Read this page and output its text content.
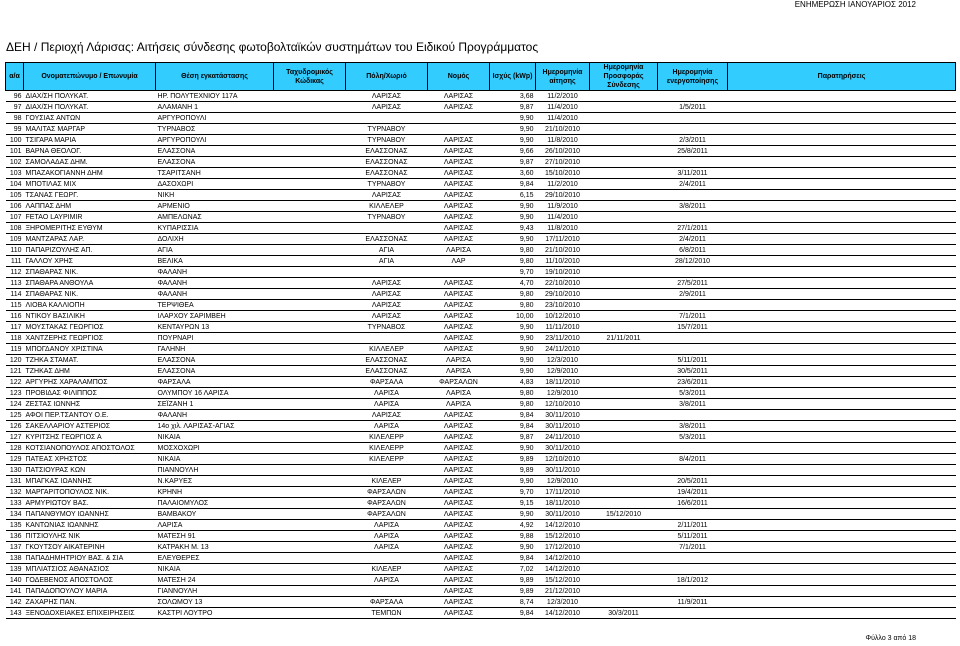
ΕΝΗΜΕΡΩΣΗ ΙΑΝΟΥΑΡΙΟΣ 2012
ΔΕΗ / Περιοχή Λάρισας: Αιτήσεις σύνδεσης φωτοβολταϊκών συστημάτων του Ειδικού Προγράμματος
α/α	Ονοματεπώνυμο / Επωνυμία	Θέση εγκατάστασης	Ταχυδρομικός Κώδικας	Πόλη/Χωριό	Νομός	Ισχύς (kWp)	Ημερομηνία αίτησης	Ημερομηνία Προσφοράς Σύνδεσης	Ημερομηνία ενεργοποίησης	Παρατηρήσεις
96	ΔΙΑΧ/ΣΗ ΠΟΛΥΚΑΤ.	ΗΡ. ΠΟΛΥΤΕΧΝΙΟΥ 117Α		ΛΑΡΙΣΑΣ	ΛΑΡΙΣΑΣ	3,68	11/2/2010			
97	ΔΙΑΧ/ΣΗ ΠΟΛΥΚΑΤ.	ΑΛΑΜΑΝΗ 1		ΛΑΡΙΣΑΣ	ΛΑΡΙΣΑΣ	9,87	11/4/2010		1/5/2011	
98	ΓΟΥΣΙΑΣ ΑΝΤΩΝ	ΑΡΓΥΡΟΠΟΥΛΙ				9,90	11/4/2010			
99	ΜΑΛΙΤΑΣ ΜΑΡΓΑΡ	ΤΥΡΝΑΒΟΣ		ΤΥΡΝΑΒΟΥ		9,90	21/10/2010			
100	ΤΣΙΓΑΡΑ ΜΑΡΙΑ	ΑΡΓΥΡΟΠΟΥΛΙ		ΤΥΡΝΑΒΟΥ	ΛΑΡΙΣΑΣ	9,90	11/8/2010		2/3/2011	
101	ΒΑΡΝΑ ΘΕΟΛΟΓ.	ΕΛΑΣΣΟΝΑ		ΕΛΑΣΣΟΝΑΣ	ΛΑΡΙΣΑΣ	9,66	26/10/2010		25/8/2011	
102	ΣΑΜΟΛΑΔΑΣ ΔΗΜ.	ΕΛΑΣΣΟΝΑ		ΕΛΑΣΣΟΝΑΣ	ΛΑΡΙΣΑΣ	9,87	27/10/2010			
103	ΜΠΑΖΑΚΟΓΙΑΝΝΗ ΔΗΜ	ΤΣΑΡΙΤΣΑΝΗ		ΕΛΑΣΣΟΝΑΣ	ΛΑΡΙΣΑΣ	3,60	15/10/2010		3/11/2011	
104	ΜΠΟΤΙΛΑΣ ΜΙΧ	ΔΑΣΟΧΩΡΙ		ΤΥΡΝΑΒΟΥ	ΛΑΡΙΣΑΣ	9,84	11/2/2010		2/4/2011	
105	ΤΣΑΝΑΣ ΓΕΩΡΓ.	ΝΙΚΗ		ΛΑΡΙΣΑΣ	ΛΑΡΙΣΑΣ	6,15	29/10/2010			
106	ΛΑΠΠΑΣ ΔΗΜ	ΑΡΜΕΝΙΟ		ΚΙΛΛΕΛΕΡ	ΛΑΡΙΣΑΣ	9,90	11/9/2010		3/8/2011	
107	FETAO LAYPIMIR	ΑΜΠΕΛΩΝΑΣ		ΤΥΡΝΑΒΟΥ	ΛΑΡΙΣΑΣ	9,90	11/4/2010			
108	ΞΗΡΟΜΕΡΙΤΗΣ ΕΥΘΥΜ	ΚΥΠΑΡΙΣΣΙΑ			ΛΑΡΙΣΑΣ	9,43	11/8/2010		27/1/2011	
109	ΜΑΝΤΖΑΡΑΣ ΛΑΡ.	ΔΟΛΙΧΗ		ΕΛΑΣΣΟΝΑΣ	ΛΑΡΙΣΑΣ	9,90	17/11/2010		2/4/2011	
110	ΠΑΠΑΡΙΖΟΥΛΗΣ ΑΠ.	ΑΓΙΑ		ΑΓΙΑ	ΛΑΡΙΣΑ	9,80	21/10/2010		6/8/2011	
111	ΓΑΛΛΟΥ ΧΡΗΣ	ΒΕΛΙΚΑ		ΑΓΙΑ	ΛΑΡ	9,80	11/10/2010		28/12/2010	
112	ΣΠΑΘΑΡΑΣ ΝΙΚ.	ΦΑΛΑΝΗ				9,70	19/10/2010			
113	ΣΠΑΘΑΡΑ ΑΝΘΟΥΛΑ	ΦΑΛΑΝΗ		ΛΑΡΙΣΑΣ	ΛΑΡΙΣΑΣ	4,70	22/10/2010		27/5/2011	
114	ΣΠΑΘΑΡΑΣ ΝΙΚ.	ΦΑΛΑΝΗ		ΛΑΡΙΣΑΣ	ΛΑΡΙΣΑΣ	9,80	29/10/2010		2/9/2011	
115	ΛΙΟΒΑ ΚΑΛΛΙΟΠΗ	ΤΕΡΨΙΘΕΑ		ΛΑΡΙΣΑΣ	ΛΑΡΙΣΑΣ	9,80	23/10/2010			
116	ΝΤΙΚΟΥ ΒΑΣΙΛΙΚΗ	ΙΛΑΡΧΟΥ ΣΑΡΙΜΒΕΗ		ΛΑΡΙΣΑΣ	ΛΑΡΙΣΑΣ	10,00	10/12/2010		7/1/2011	
117	ΜΟΥΣΤΑΚΑΣ ΓΕΩΡΓΙΟΣ	ΚΕΝΤΑΥΡΩΝ 13		ΤΥΡΝΑΒΟΣ	ΛΑΡΙΣΑΣ	9,90	11/11/2010		15/7/2011	
118	ΧΑΝΤΖΕΡΗΣ ΓΕΩΡΓΙΟΣ	ΠΟΥΡΝΑΡΙ			ΛΑΡΙΣΑΣ	9,90	23/11/2010	21/11/2011		
119	ΜΠΟΓΔΑΝΟΥ ΧΡΙΣΤΙΝΑ	ΓΑΛΗΝΗ		ΚΙΛΛΕΛΕΡ	ΛΑΡΙΣΑΣ	9,90	24/11/2010			
120	ΤΖΗΚΑ ΣΤΑΜΑΤ.	ΕΛΑΣΣΟΝΑ		ΕΛΑΣΣΟΝΑΣ	ΛΑΡΙΣΑ	9,90	12/3/2010		5/11/2011	
121	ΤΖΗΚΑΣ ΔΗΜ	ΕΛΑΣΣΟΝΑ		ΕΛΑΣΣΟΝΑΣ	ΛΑΡΙΣΑ	9,90	12/9/2010		30/5/2011	
122	ΑΡΓΥΡΗΣ ΧΑΡΑΛΑΜΠΟΣ	ΦΑΡΣΑΛΑ		ΦΑΡΣΑΛΑ	ΦΑΡΣΑΛΩΝ	4,83	18/11/2010		23/6/2011	
123	ΠΡΟΒΙΔΑΣ ΦΙΛΙΠΠΟΣ	ΟΛΥΜΠΟΥ 16 ΛΑΡΙΣΑ		ΛΑΡΙΣΑ	ΛΑΡΙΣΑ	9,80	12/9/2010		5/3/2011	
124	ΖΕΣΤΑΣ ΙΩΝΝΗΣ	ΣΕΪΖΑΝΗ 1		ΛΑΡΙΣΑ	ΛΑΡΙΣΑ	9,80	12/10/2010		3/8/2011	
125	ΑΦΟΙ ΠΕΡ.ΤΣΑΝΤΟΥ Ο.Ε.	ΦΑΛΑΝΗ		ΛΑΡΙΣΑΣ	ΛΑΡΙΣΑΣ	9,84	30/11/2010			
126	ΣΑΚΕΛΛΑΡΙΟΥ ΑΣΤΕΡΙΟΣ	14ο χιλ. ΛΑΡΙΣΑΣ-ΑΓΙΑΣ		ΛΑΡΙΣΑ	ΛΑΡΙΣΑΣ	9,84	30/11/2010		3/8/2011	
127	ΚΥΡΙΤΣΗΣ ΓΕΩΡΓΙΟΣ Α	ΝΙΚΑΙΑ		ΚΙΛΕΛΕΡΡ	ΛΑΡΙΣΑΣ	9,87	24/11/2010		5/3/2011	
128	ΚΟΤΣΙΑΝΟΠΟΥΛΟΣ ΑΠΟΣΤΟΛΟΣ	ΜΟΣΧΟΧΩΡΙ		ΚΙΛΕΛΕΡΡ	ΛΑΡΙΣΑΣ	9,90	30/11/2010			
129	ΠΑΤΕΑΣ ΧΡΗΣΤΟΣ	ΝΙΚΑΙΑ		ΚΙΛΕΛΕΡΡ	ΛΑΡΙΣΑΣ	9,89	12/10/2010		8/4/2011	
130	ΠΑΤΣΙΟΥΡΑΣ ΚΩΝ	ΠΙΑΝΝΟΥΛΗ			ΛΑΡΙΣΑΣ	9,89	30/11/2010			
131	ΜΠΑΓΚΑΣ ΙΩΑΝΝΗΣ	Ν.ΚΑΡΥΕΣ		ΚΙΛΕΛΕΡ	ΛΑΡΙΣΑΣ	9,90	12/9/2010		20/5/2011	
132	ΜΑΡΓΑΡΙΤΟΠΟΥΛΟΣ ΝΙΚ.	ΚΡΗΝΗ		ΦΑΡΣΑΛΩΝ	ΛΑΡΙΣΑΣ	9,70	17/11/2010		19/4/2011	
133	ΑΡΜΥΡΙΩΤΟΥ ΒΑΣ.	ΠΑΛΑΙΟΜΥΛΟΣ		ΦΑΡΣΑΛΩΝ	ΛΑΡΙΣΑΣ	9,15	18/11/2010		16/6/2011	
134	ΠΑΠΑΝΘΥΜΟΥ ΙΩΑΝΝΗΣ	ΒΑΜΒΑΚΟΥ		ΦΑΡΣΑΛΩΝ	ΛΑΡΙΣΑΣ	9,90	30/11/2010	15/12/2010		
135	ΚΑΝΤΩΝΙΑΣ ΙΩΑΝΝΗΣ	ΛΑΡΙΣΑ		ΛΑΡΙΣΑ	ΛΑΡΙΣΑΣ	4,92	14/12/2010		2/11/2011	
136	ΠΙΤΣΙΟΥΛΗΣ ΝΙΚ	ΜΑΤΕΣΗ 91		ΛΑΡΙΣΑ	ΛΑΡΙΣΑΣ	9,88	15/12/2010		5/11/2011	
137	ΓΚΟΥΤΣΟΥ ΑΙΚΑΤΕΡΙΝΗ	ΚΑΤΡΑΚΗ Μ. 13		ΛΑΡΙΣΑ	ΛΑΡΙΣΑΣ	9,90	17/12/2010		7/1/2011	
138	ΠΑΠΑΔΗΜΗΤΡΙΟΥ ΒΑΣ. & ΣΙΑ	ΕΛΕΥΘΕΡΕΣ			ΛΑΡΙΣΑΣ	9,84	14/12/2010			
139	ΜΠΛΙΑΤΣΙΟΣ ΑΘΑΝΑΣΙΟΣ	ΝΙΚΑΙΑ		ΚΙΛΕΛΕΡ	ΛΑΡΙΣΑΣ	7,02	14/12/2010			
140	ΓΟΔΕΒΕΝΟΣ ΑΠΟΣΤΟΛΟΣ	ΜΑΤΕΣΗ 24		ΛΑΡΙΣΑ	ΛΑΡΙΣΑΣ	9,89	15/12/2010		18/1/2012	
141	ΠΑΠΑΔΟΠΟΥΛΟΥ ΜΑΡΙΑ	ΓΙΑΝΝΟΥΛΗ			ΛΑΡΙΣΑΣ	9,89	21/12/2010			
142	ΖΑΧΑΡΗΣ ΠΑΝ.	ΣΟΛΩΜΟΥ 13		ΦΑΡΣΑΛΑ	ΛΑΡΙΣΑΣ	8,74	12/3/2010		11/9/2011	
143	ΞΕΝΟΔΟΧΕΙΑΚΕΣ ΕΠΙΧΕΙΡΗΣΕΙΣ	ΚΑΣΤΡΙ ΛΟΥΤΡΟ		ΤΕΜΠΩΝ	ΛΑΡΙΣΑΣ	9,84	14/12/2010	30/3/2011		
Φύλλο 3 από 18
